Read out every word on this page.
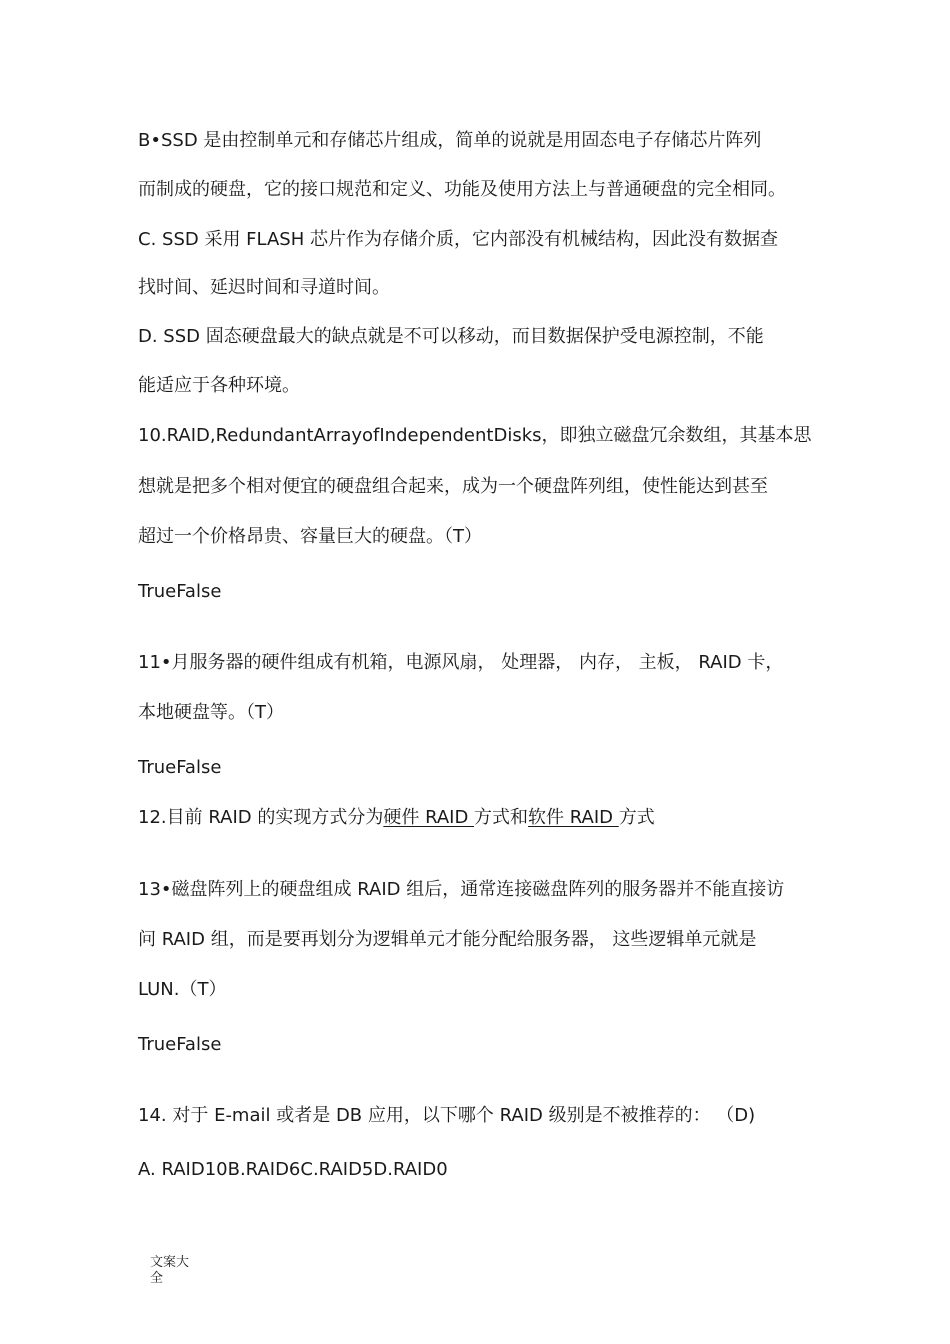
B•SSD 是由控制单元和存储芯片组成，简单的说就是用固态电子存储芯片阵列
而制成的硬盘，它的接口规范和定义、功能及使用方法上与普通硬盘的完全相同。
C. SSD 采用 FLASH 芯片作为存储介质，它内部没有机械结构，因此没有数据查
找时间、延迟时间和寻道时间。
D. SSD 固态硬盘最大的缺点就是不可以移动，而目数据保护受电源控制，不能
能适应于各种环境。
10.RAID,RedundantArrayofIndependentDisks，即独立磁盘冗余数组，其基本思
想就是把多个相对便宜的硬盘组合起来，成为一个硬盘阵列组，使性能达到甚至
超过一个价格昂贵、容量巨大的硬盘。（T）
TrueFalse
11•月服务器的硬件组成有机箱，电源风扇， 处理器， 内存， 主板， RAID 卡，
本地硬盘等。（T）
TrueFalse
12.目前 RAID 的实现方式分为硬件 RAID 方式和软件 RAID 方式
13•磁盘阵列上的硬盘组成 RAID 组后，通常连接磁盘阵列的服务器并不能直接访
问 RAID 组，而是要再划分为逻辑单元才能分配给服务器， 这些逻辑单元就是
LUN.（T）
TrueFalse
14. 对于 E-mail 或者是 DB 应用，以下哪个 RAID 级别是不被推荐的： （D)
A. RAID10B.RAID6C.RAID5D.RAID0
文案大全
